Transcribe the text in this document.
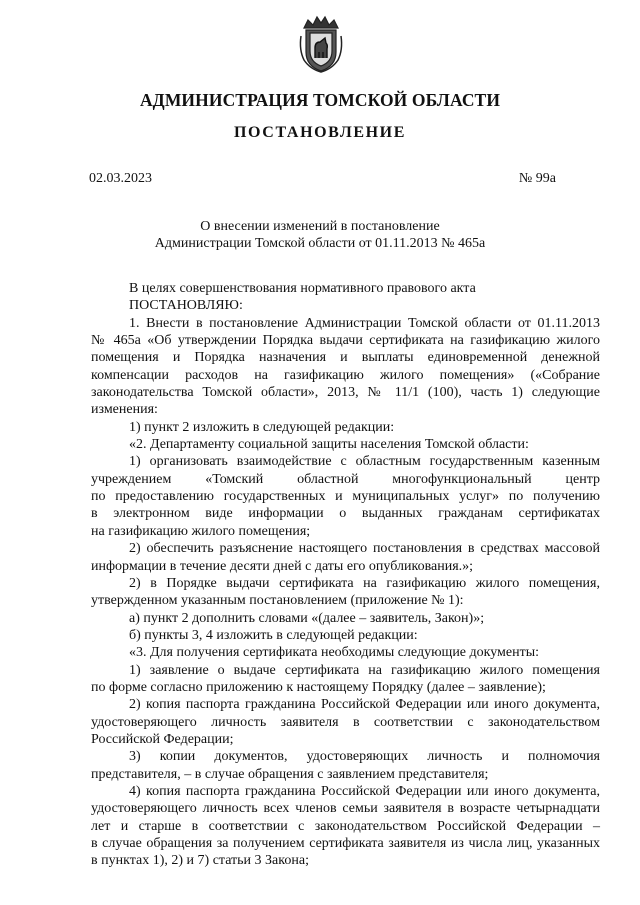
АДМИНИСТРАЦИЯ ТОМСКОЙ ОБЛАСТИ
ПОСТАНОВЛЕНИЕ
02.03.2023	№ 99а
О внесении изменений в постановление
Администрации Томской области от 01.11.2013 № 465а
В целях совершенствования нормативного правового акта
ПОСТАНОВЛЯЮ:
1. Внести в постановление Администрации Томской области от 01.11.2013
№ 465а «Об утверждении Порядка выдачи сертификата на газификацию жилого
помещения и Порядка назначения и выплаты единовременной денежной
компенсации расходов на газификацию жилого помещения» («Собрание
законодательства Томской области», 2013, № 11/1 (100), часть 1) следующие
изменения:
1) пункт 2 изложить в следующей редакции:
«2. Департаменту социальной защиты населения Томской области:
1) организовать взаимодействие с областным государственным казенным
учреждением «Томский областной многофункциональный центр
по предоставлению государственных и муниципальных услуг» по получению
в электронном виде информации о выданных гражданам сертификатах
на газификацию жилого помещения;
2) обеспечить разъяснение настоящего постановления в средствах массовой
информации в течение десяти дней с даты его опубликования.»;
2) в Порядке выдачи сертификата на газификацию жилого помещения,
утвержденном указанным постановлением (приложение № 1):
а) пункт 2 дополнить словами «(далее – заявитель, Закон)»;
б) пункты 3, 4 изложить в следующей редакции:
«3. Для получения сертификата необходимы следующие документы:
1) заявление о выдаче сертификата на газификацию жилого помещения
по форме согласно приложению к настоящему Порядку (далее – заявление);
2) копия паспорта гражданина Российской Федерации или иного документа,
удостоверяющего личность заявителя в соответствии с законодательством
Российской Федерации;
3) копии документов, удостоверяющих личность и полномочия
представителя, – в случае обращения с заявлением представителя;
4) копия паспорта гражданина Российской Федерации или иного документа,
удостоверяющего личность всех членов семьи заявителя в возрасте четырнадцати
лет и старше в соответствии с законодательством Российской Федерации –
в случае обращения за получением сертификата заявителя из числа лиц, указанных
в пунктах 1), 2) и 7) статьи 3 Закона;
